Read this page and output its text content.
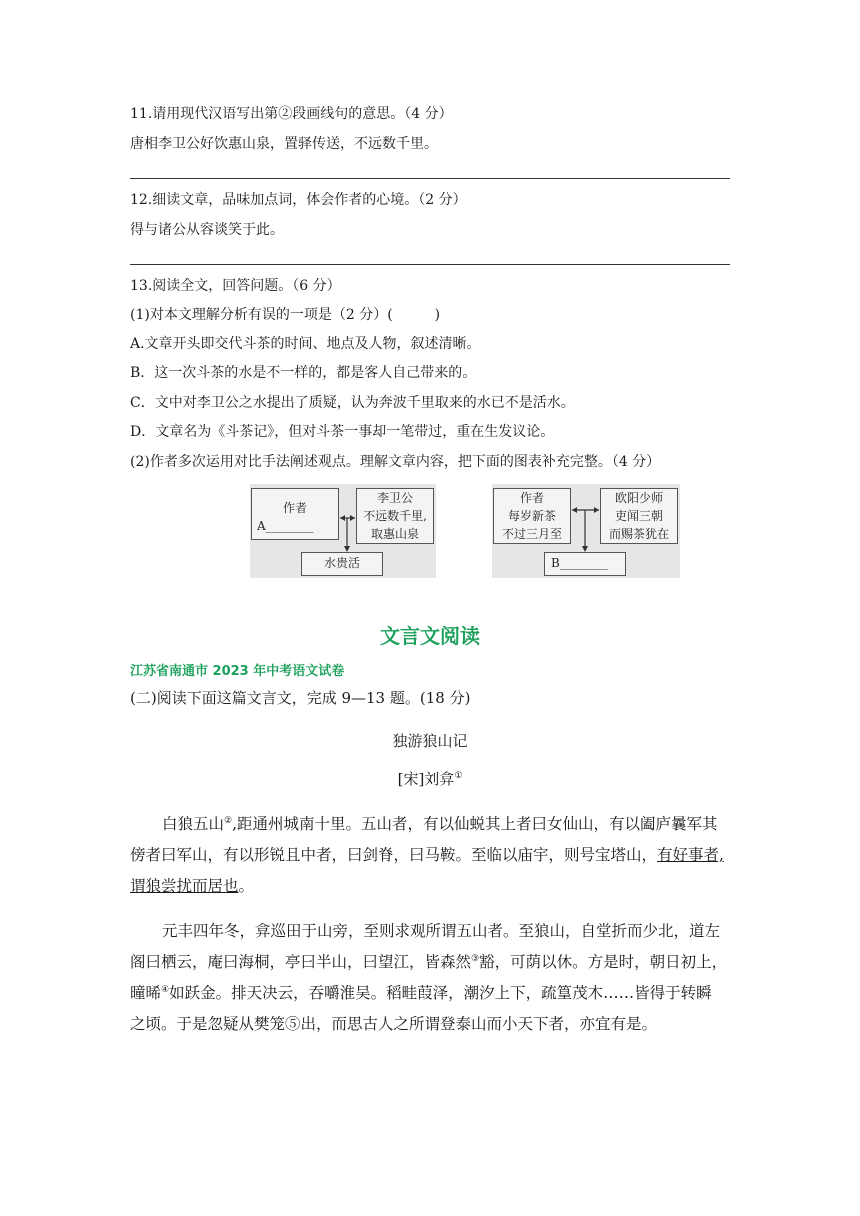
11.请用现代汉语写出第②段画线句的意思。（4 分）
唐相李卫公好饮惠山泉，置驿传送，不远数千里。
12.细读文章，品味加点词，体会作者的心境。（2 分）
得与诸公从容谈笑于此。
13.阅读全文，回答问题。（6 分）
(1)对本文理解分析有误的一项是（2 分）(　　　)
A.文章开头即交代斗茶的时间、地点及人物，叙述清晰。
B．这一次斗茶的水是不一样的，都是客人自己带来的。
C．文中对李卫公之水提出了质疑，认为奔波千里取来的水已不是活水。
D．文章名为《斗茶记》，但对斗茶一事却一笔带过，重在生发议论。
(2)作者多次运用对比手法阐述观点。理解文章内容，把下面的图表补充完整。（4 分）
作者
A________
李卫公
不远数千里,
取惠山泉
水贵活
作者
每岁新茶
不过三月至
欧阳少师
吏闻三朝
而赐茶犹在
B________
文言文阅读
江苏省南通市 2023 年中考语文试卷
(二)阅读下面这篇文言文，完成 9—13 题。(18 分)
独游狼山记
[宋]刘弇①
白狼五山②,距通州城南十里。五山者，有以仙蜕其上者曰女仙山，有以阖庐曩军其
傍者曰军山，有以形锐且中者，曰剑脊，曰马鞍。至临以庙宇，则号宝塔山，有好事者,
谓狼尝扰而居也。
元丰四年冬，弇巡田于山旁，至则求观所谓五山者。至狼山，自堂折而少北，道左
阁曰栖云，庵曰海桐，亭曰半山，曰望江，皆森然③豁，可荫以休。方是时，朝日初上，
曈晞④如跃金。排天决云，吞嚼淮吴。稻畦葭泽，潮汐上下，疏篁茂木……皆得于转瞬
之顷。于是忽疑从樊笼⑤出，而思古人之所谓登泰山而小天下者，亦宜有是。
